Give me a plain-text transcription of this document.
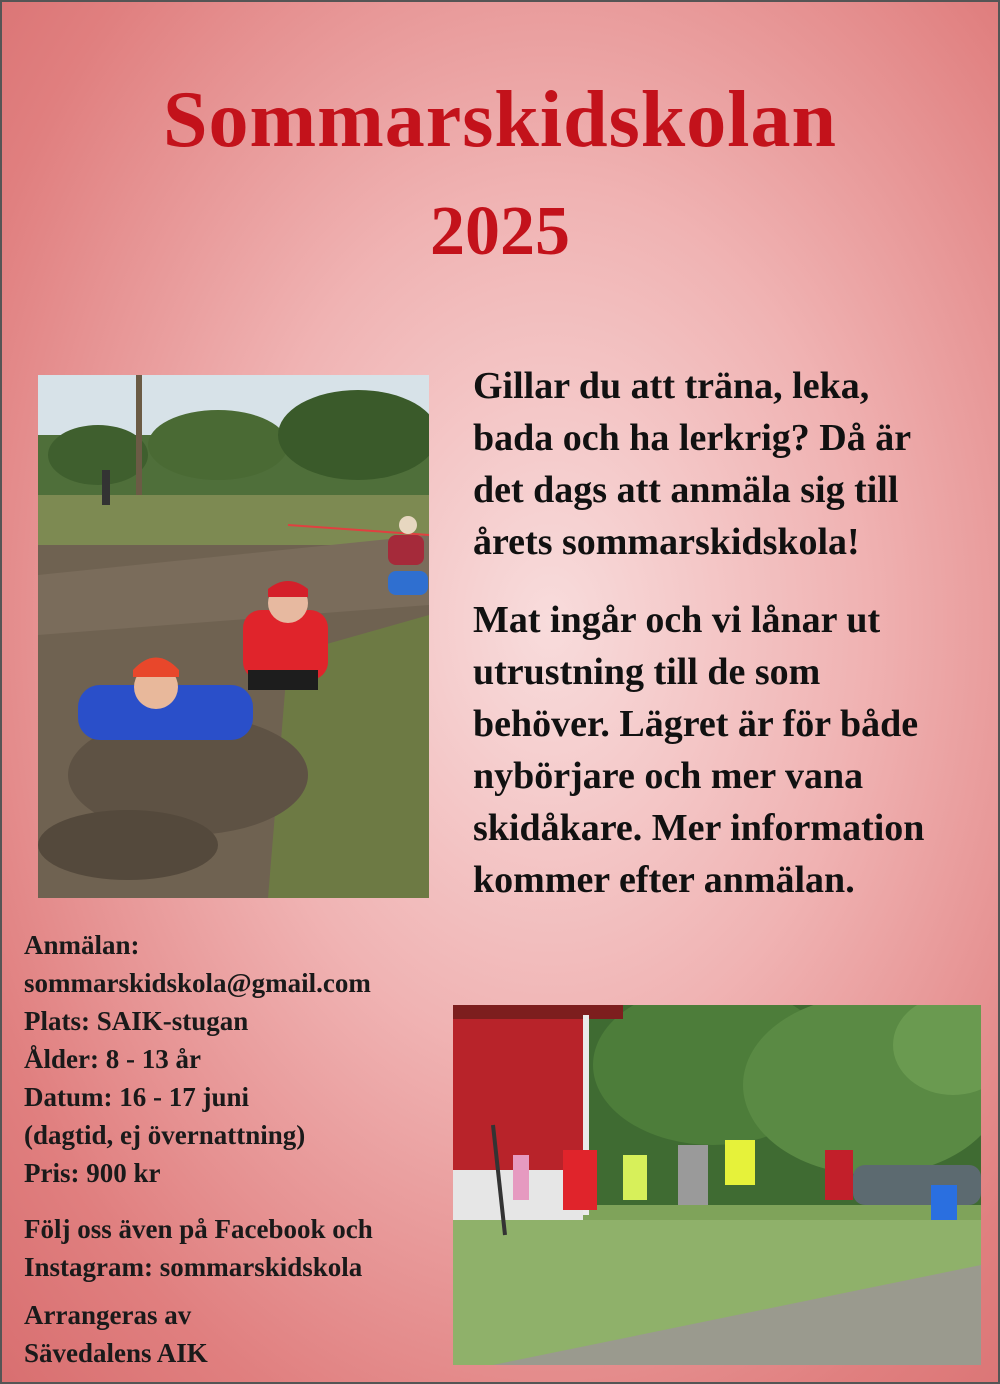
Sommarskidskolan
2025
Gillar du att träna, leka,
bada och ha lerkrig? Då är
det dags att anmäla sig till
årets sommarskidskola!
Mat ingår och vi lånar ut
utrustning till de som
behöver. Lägret är för både
nybörjare och mer vana
skidåkare. Mer information
kommer efter anmälan.
Anmälan:
sommarskidskola@gmail.com
Plats: SAIK-stugan
Ålder: 8 - 13 år
Datum: 16 - 17 juni
(dagtid, ej övernattning)
Pris: 900 kr
Följ oss även på Facebook och
Instagram: sommarskidskola
Arrangeras av
Sävedalens AIK
